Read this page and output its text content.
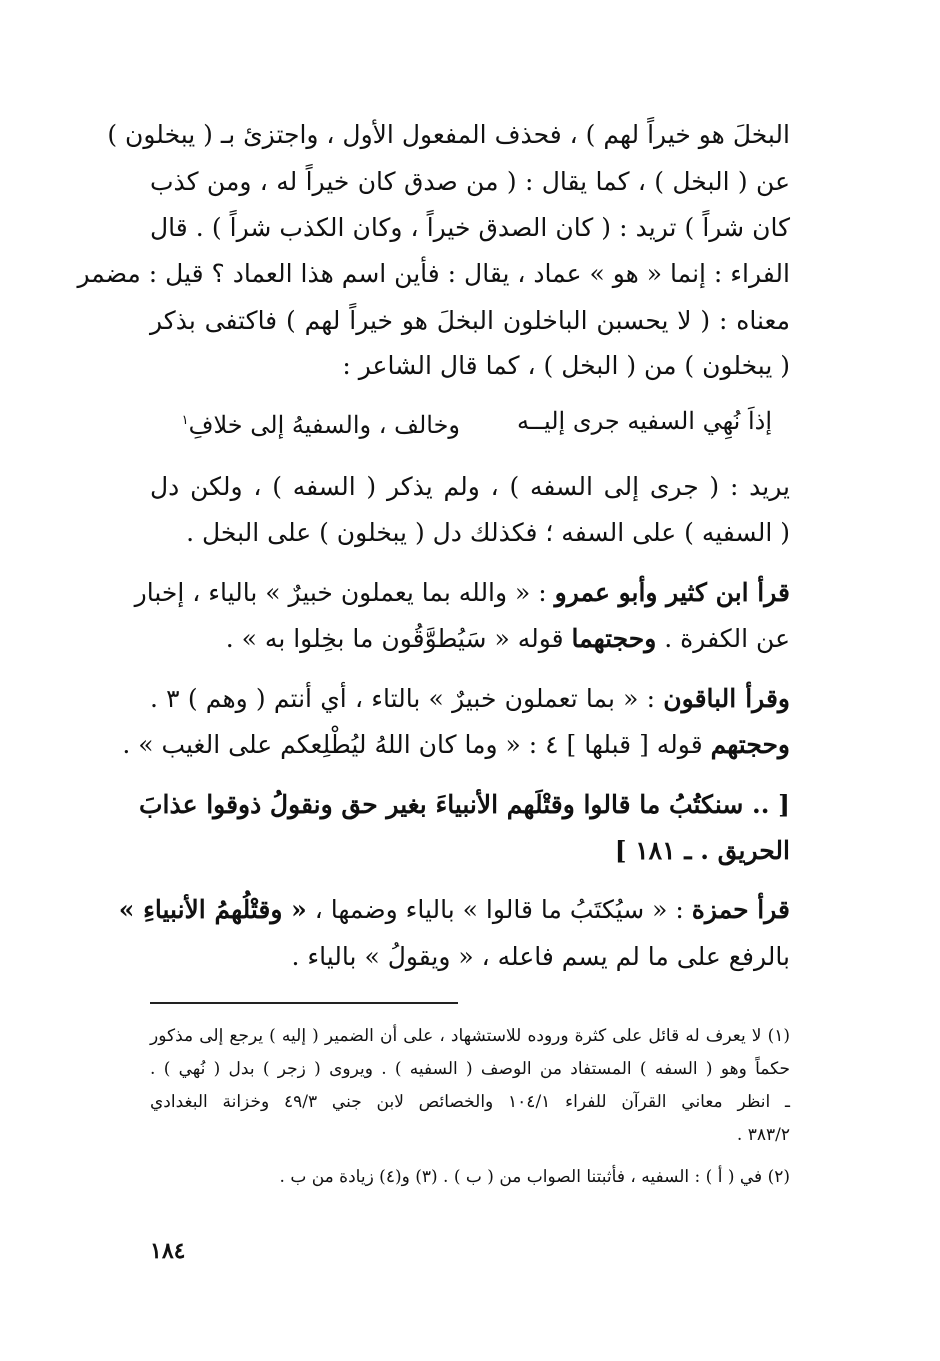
البخلَ هو خيراً لهم ) ، فحذف المفعول الأول ، واجتزئ بـ ( يبخلون )
عن ( البخل ) ، كما يقال : ( من صدق كان خيراً له ، ومن كذب
كان شراً ) تريد : ( كان الصدق خيراً ، وكان الكذب شراً ) . قال
الفراء : إنما « هو » عماد ، يقال : فأين اسم هذا العماد ؟ قيل : مضمر
معناه : ( لا يحسبن الباخلون البخلَ هو خيراً لهم ) فاكتفى بذكر
( يبخلون ) من ( البخل ) ، كما قال الشاعر :
إذاَ نُهِي السفيه جرى إليــه
وخالف ، والسفيهُ إلى خلافِ$^١$
يريد : ( جرى إلى السفه ) ، ولم يذكر ( السفه ) ، ولكن دل
( السفيه ) على السفه ؛ فكذلك دل ( يبخلون ) على البخل .
قرأ ابن كثير وأبو عمرو : « والله بما يعملون خبيرٌ » بالياء ، إخبار
عن الكفرة . وحجتهما قوله « سَيُطوَّقُون ما بخِلوا به » .
وقرأ الباقون : « بما تعملون خبيرٌ » بالتاء ، أي أنتم ( وهم ) ٣ .
وحجتهم قوله [ قبلها ] ٤ : « وما كان اللهُ ليُطْلِعكم على الغيب » .
[ .. سنكتُبُ ما قالوا وقتْلَهم الأنبياءَ بغير حق ونقولُ ذوقوا عذابَ
الحريق . ـ ١٨١ ]
قرأ حمزة : « سيُكتَبُ ما قالوا » بالياء وضمها ، « وقتْلُهمُ الأنبياءِ »
بالرفع على ما لم يسم فاعله ، « ويقولُ » بالياء .
(١) لا يعرف له قائل على كثرة وروده للاستشهاد ، على أن الضمير ( إليه ) يرجع إلى مذكور
حكماً وهو ( السفه ) المستفاد من الوصف ( السفيه ) . ويروى ( زجر ) بدل ( نُهي ) .
ـ انظر معاني القرآن للفراء ١٠٤/١ والخصائص لابن جني ٤٩/٣ وخزانة البغدادي
٣٨٣/٢ .
(٢) في ( أ ) : السفيه ، فأثبتنا الصواب من ( ب ) . (٣) و(٤) زيادة من ب .
١٨٤
